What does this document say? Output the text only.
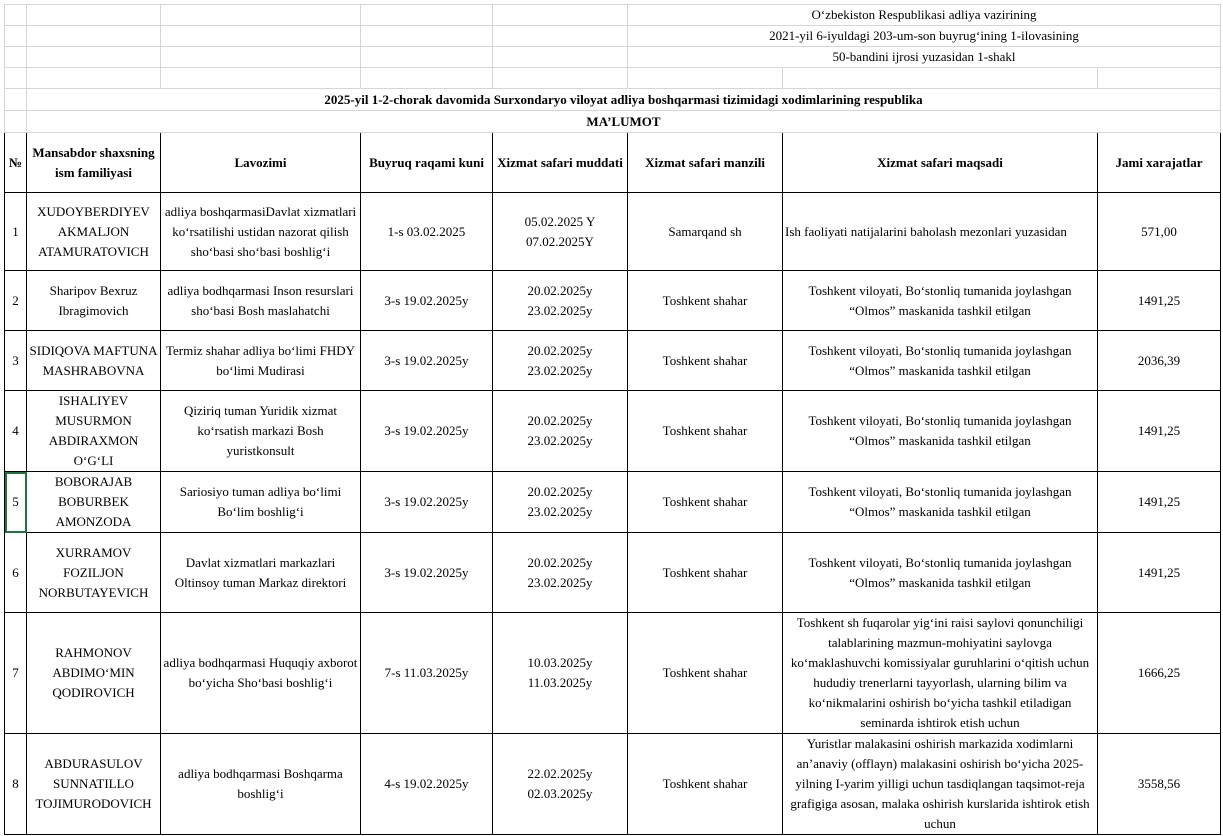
					O‘zbekiston Respublikasi adliya vazirining		
					2021-yil 6-iyuldagi 203-um-son buyrug‘ining 1-ilovasining		
					50-bandini ijrosi yuzasidan 1-shakl		

	2025-yil 1-2-chorak davomida Surxondaryo viloyat adliya boshqarmasi tizimidagi xodimlarining respublika						
	MA’LUMOT						
№	Mansabdor shaxsning ism familiyasi	Lavozimi	Buyruq raqami kuni	Xizmat safari muddati	Xizmat safari manzili	Xizmat safari maqsadi	Jami xarajatlar
1	XUDOYBERDIYEV AKMALJON ATAMURATOVICH	adliya boshqarmasiDavlat xizmatlari ko‘rsatilishi ustidan nazorat qilish sho‘basi sho‘basi boshlig‘i	1-s 03.02.2025	05.02.2025 Y 07.02.2025Y	Samarqand sh	Ish faoliyati natijalarini baholash mezonlari yuzasidan	571,00
2	Sharipov Bexruz Ibragimovich	adliya bodhqarmasi Inson resurslari sho‘basi Bosh maslahatchi	3-s 19.02.2025y	20.02.2025y 23.02.2025y	Toshkent shahar	Toshkent viloyati, Bo‘stonliq tumanida joylashgan “Olmos” maskanida tashkil etilgan	1491,25
3	SIDIQOVA MAFTUNA MASHRABOVNA	Termiz shahar adliya bo‘limi FHDY bo‘limi Mudirasi	3-s 19.02.2025y	20.02.2025y 23.02.2025y	Toshkent shahar	Toshkent viloyati, Bo‘stonliq tumanida joylashgan “Olmos” maskanida tashkil etilgan	2036,39
4	ISHALIYEV MUSURMON ABDIRAXMON O‘G‘LI	Qiziriq tuman Yuridik xizmat ko‘rsatish markazi Bosh yuristkonsult	3-s 19.02.2025y	20.02.2025y 23.02.2025y	Toshkent shahar	Toshkent viloyati, Bo‘stonliq tumanida joylashgan “Olmos” maskanida tashkil etilgan	1491,25
5	BOBORAJAB BOBURBEK AMONZODA	Sariosiyo tuman adliya bo‘limi Bo‘lim boshlig‘i	3-s 19.02.2025y	20.02.2025y 23.02.2025y	Toshkent shahar	Toshkent viloyati, Bo‘stonliq tumanida joylashgan “Olmos” maskanida tashkil etilgan	1491,25
6	XURRAMOV FOZILJON NORBUTAYEVICH	Davlat xizmatlari markazlari Oltinsoy tuman Markaz direktori	3-s 19.02.2025y	20.02.2025y 23.02.2025y	Toshkent shahar	Toshkent viloyati, Bo‘stonliq tumanida joylashgan “Olmos” maskanida tashkil etilgan	1491,25
7	RAHMONOV ABDIMO‘MIN QODIROVICH	adliya bodhqarmasi Huquqiy axborot bo‘yicha Sho‘basi boshlig‘i	7-s 11.03.2025y	10.03.2025y 11.03.2025y	Toshkent shahar	Toshkent sh fuqarolar yig‘ini raisi saylovi qonunchiligi talablarining mazmun-mohiyatini saylovga ko‘maklashuvchi komissiyalar guruhlarini o‘qitish uchun hududiy trenerlarni tayyorlash, ularning bilim va ko‘nikmalarini oshirish bo‘yicha tashkil etiladigan seminarda ishtirok etish uchun	1666,25
8	ABDURASULOV SUNNATILLO TOJIMURODOVICH	adliya bodhqarmasi Boshqarma boshlig‘i	4-s 19.02.2025y	22.02.2025y 02.03.2025y	Toshkent shahar	Yuristlar malakasini oshirish markazida xodimlarni an’anaviy (offlayn) malakasini oshirish bo‘yicha 2025-yilning I-yarim yilligi uchun tasdiqlangan taqsimot-reja grafigiga asosan, malaka oshirish kurslarida ishtirok etish uchun	3558,56
